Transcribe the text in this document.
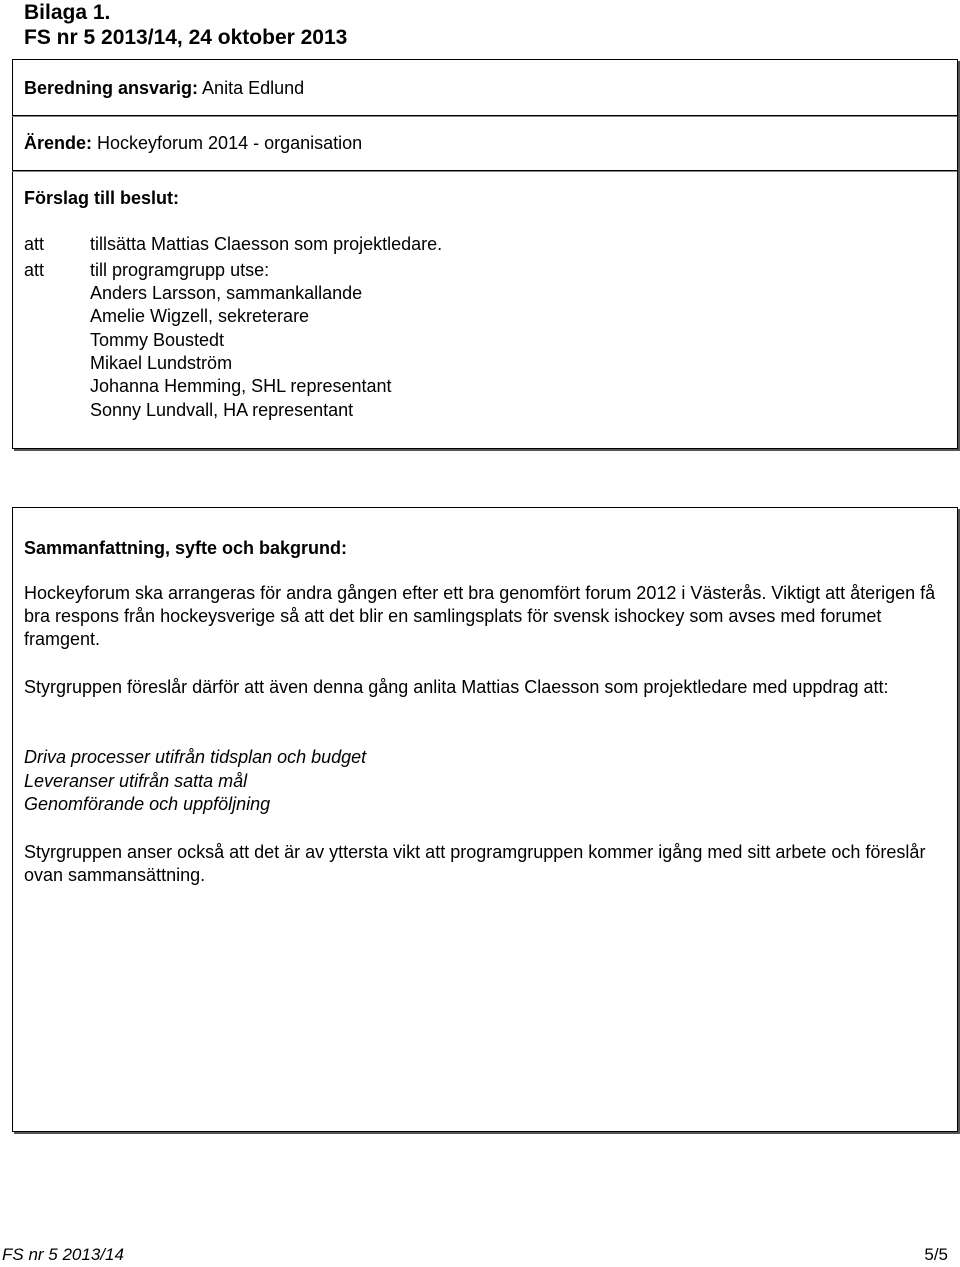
Bilaga 1.
FS nr 5 2013/14, 24 oktober 2013
Beredning ansvarig: Anita Edlund
Ärende: Hockeyforum 2014 - organisation
Förslag till beslut:
att	tillsätta Mattias Claesson som projektledare.
att	till programgrupp utse:
Anders Larsson, sammankallande
Amelie Wigzell, sekreterare
Tommy Boustedt
Mikael Lundström
Johanna Hemming, SHL representant
Sonny Lundvall, HA representant
Sammanfattning, syfte och bakgrund:
Hockeyforum ska arrangeras för andra gången efter ett bra genomfört forum 2012 i Västerås. Viktigt att återigen få bra respons från hockeysverige så att det blir en samlingsplats för svensk ishockey som avses med forumet framgent.
Styrgruppen föreslår därför att även denna gång anlita Mattias Claesson som projektledare med uppdrag att:
Driva processer utifrån tidsplan och budget
Leveranser utifrån satta mål
Genomförande och uppföljning
Styrgruppen anser också att det är av yttersta vikt att programgruppen kommer igång med sitt arbete och föreslår ovan sammansättning.
FS nr 5 2013/14	5/5
